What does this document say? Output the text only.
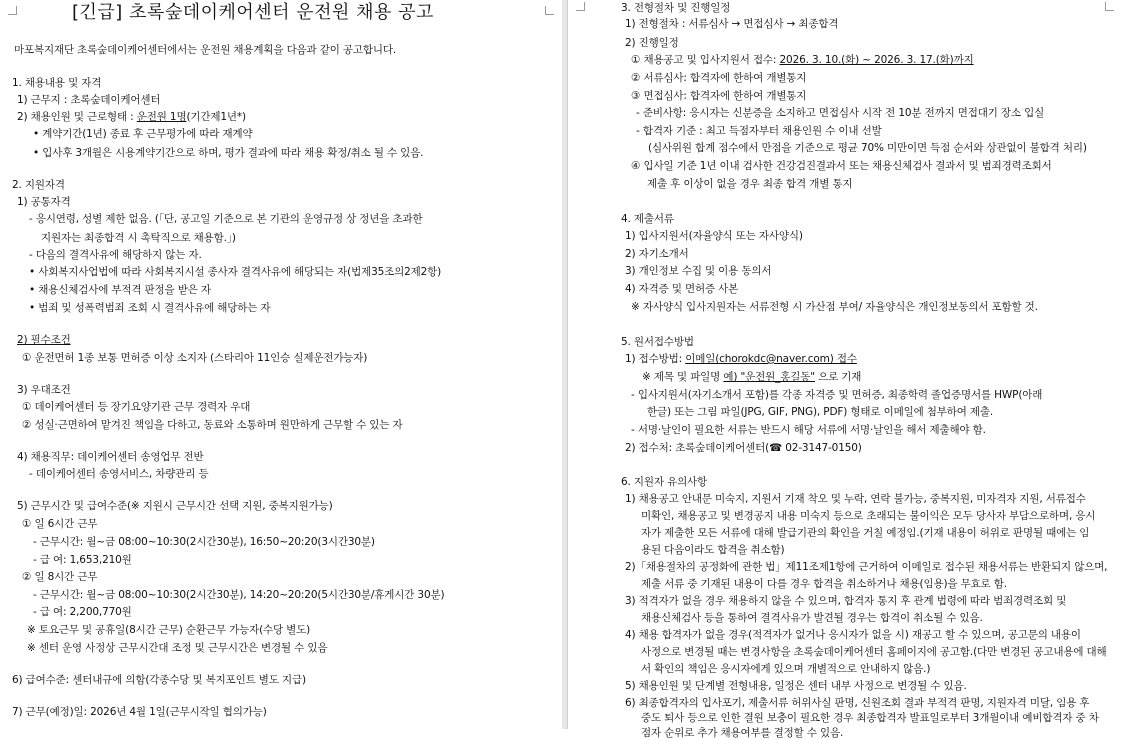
[긴급] 초록숲데이케어센터 운전원 채용 공고
마포복지재단 초록숲데이케어센터에서는 운전원 채용계획을 다음과 같이 공고합니다.
1. 채용내용 및 자격
1) 근무지 : 초록숲데이케어센터
2) 채용인원 및 근로형태 : 운전원 1명(기간제1년*)
• 계약기간(1년) 종료 후 근무평가에 따라 재계약
• 입사후 3개월은 시용계약기간으로 하며, 평가 결과에 따라 채용 확정/취소 될 수 있음.
2. 지원자격
1) 공통자격
- 응시연령, 성별 제한 없음. (「단, 공고일 기준으로 본 기관의 운영규정 상 정년을 초과한
지원자는 최종합격 시 촉탁직으로 채용함.」)
- 다음의 결격사유에 해당하지 않는 자.
• 사회복지사업법에 따라 사회복지시설 종사자 결격사유에 해당되는 자(법제35조의2제2항)
• 채용신체검사에 부적격 판정을 받은 자
• 범죄 및 성폭력범죄 조회 시 결격사유에 해당하는 자
2) 필수조건
① 운전면허 1종 보통 면허증 이상 소지자 (스타리아 11인승 실제운전가능자)
3) 우대조건
① 데이케어센터 등 장기요양기관 근무 경력자 우대
② 성실·근면하여 맡겨진 책임을 다하고, 동료와 소통하며 원만하게 근무할 수 있는 자
4) 채용직무: 데이케어센터 송영업무 전반
- 데이케어센터 송영서비스, 차량관리 등
5) 근무시간 및 급여수준(※ 지원시 근무시간 선택 지원, 중복지원가능)
① 일 6시간 근무
- 근무시간: 월~금 08:00~10:30(2시간30분), 16:50~20:20(3시간30분)
- 급 여: 1,653,210원
② 일 8시간 근무
- 근무시간: 월~금 08:00~10:30(2시간30분), 14:20~20:20(5시간30분/휴게시간 30분)
- 급 여: 2,200,770원
※ 토요근무 및 공휴일(8시간 근무) 순환근무 가능자(수당 별도)
※ 센터 운영 사정상 근무시간대 조정 및 근무시간은 변경될 수 있음
6) 급여수준: 센터내규에 의함(각종수당 및 복지포인트 별도 지급)
7) 근무(예정)일: 2026년 4월 1일(근무시작일 협의가능)
3. 전형절차 및 진행일정
1) 전형절차 : 서류심사 → 면접심사 → 최종합격
2) 진행일정
① 채용공고 및 입사지원서 접수: 2026. 3. 10.(화) ~ 2026. 3. 17.(화)까지
② 서류심사: 합격자에 한하여 개별통지
③ 면접심사: 합격자에 한하여 개별통지
- 준비사항: 응시자는 신분증을 소지하고 면접심사 시작 전 10분 전까지 면접대기 장소 입실
- 합격자 기준 : 최고 득점자부터 채용인원 수 이내 선발
(심사위원 합계 점수에서 만점을 기준으로 평균 70% 미만이면 득점 순서와 상관없이 불합격 처리)
④ 입사일 기준 1년 이내 검사한 건강검진결과서 또는 채용신체검사 결과서 및 범죄경력조회서
제출 후 이상이 없을 경우 최종 합격 개별 통지
4. 제출서류
1) 입사지원서(자율양식 또는 자사양식)
2) 자기소개서
3) 개인정보 수집 및 이용 동의서
4) 자격증 및 면허증 사본
※ 자사양식 입사지원자는 서류전형 시 가산점 부여/ 자율양식은 개인정보동의서 포함할 것.
5. 원서접수방법
1) 접수방법: 이메일(chorokdc@naver.com) 접수
※ 제목 및 파일명 예) "운전원_홍길동" 으로 기재
- 입사지원서(자기소개서 포함)를 각종 자격증 및 면허증, 최종학력 졸업증명서를 HWP(아래
한글) 또는 그림 파일(JPG, GIF, PNG), PDF) 형태로 이메일에 첨부하여 제출.
- 서명·날인이 필요한 서류는 반드시 해당 서류에 서명·날인을 해서 제출해야 함.
2) 접수처: 초록숲데이케어센터(☎ 02-3147-0150)
6. 지원자 유의사항
1) 채용공고 안내문 미숙지, 지원서 기재 착오 및 누락, 연락 불가능, 중복지원, 미자격자 지원, 서류접수
미확인, 채용공고 및 변경공지 내용 미숙지 등으로 초래되는 불이익은 모두 당사자 부담으로하며, 응시
자가 제출한 모든 서류에 대해 발급기관의 확인을 거칠 예정임.(기재 내용이 허위로 판명될 때에는 임
용된 다음이라도 합격을 취소함)
2)「채용절차의 공정화에 관한 법」제11조제1항에 근거하여 이메일로 접수된 채용서류는 반환되지 않으며,
제출 서류 중 기재된 내용이 다를 경우 합격을 취소하거나 채용(임용)을 무효로 함.
3) 적격자가 없을 경우 채용하지 않을 수 있으며, 합격자 통지 후 관계 법령에 따라 범죄경력조회 및
채용신체검사 등을 통하여 결격사유가 발견될 경우는 합격이 취소될 수 있음.
4) 채용 합격자가 없을 경우(적격자가 없거나 응시자가 없을 시) 재공고 할 수 있으며, 공고문의 내용이
사정으로 변경될 때는 변경사항을 초록숲데이케어센터 홈페이지에 공고함.(다만 변경된 공고내용에 대해
서 확인의 책임은 응시자에게 있으며 개별적으로 안내하지 않음.)
5) 채용인원 및 단계별 전형내용, 일정은 센터 내부 사정으로 변경될 수 있음.
6) 최종합격자의 입사포기, 제출서류 허위사실 판명, 신원조회 결과 부적격 판명, 지원자격 미달, 임용 후
중도 퇴사 등으로 인한 결원 보충이 필요한 경우 최종합격자 발표일로부터 3개월이내 예비합격자 중 차
점자 순위로 추가 채용여부를 결정할 수 있음.
